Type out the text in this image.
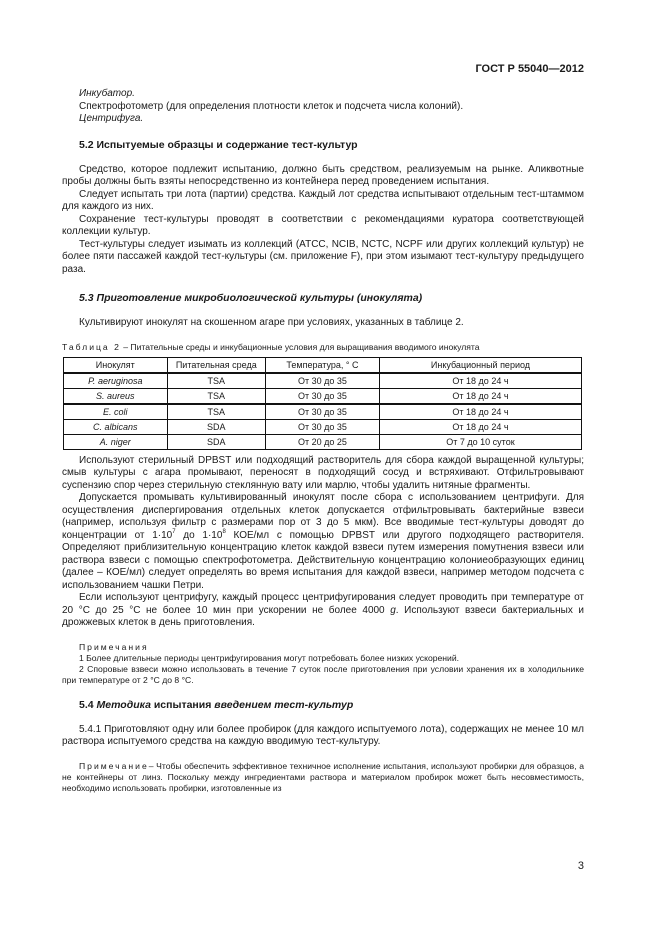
ГОСТ Р 55040—2012
Инкубатор.
Спектрофотометр (для определения плотности клеток и подсчета числа колоний).
Центрифуга.
5.2 Испытуемые образцы и содержание тест-культур

Средство, которое подлежит испытанию, должно быть средством, реализуемым на рынке. Аликвотные пробы должны быть взяты непосредственно из контейнера перед проведением испытания.

Следует испытать три лота (партии) средства. Каждый лот средства испытывают отдельным тест-штаммом для каждого из них.

Сохранение тест-культуры проводят в соответствии с рекомендациями куратора соответствующей коллекции культур.

Тест-культуры следует изымать из коллекций (ATCC, NCIB, NCTC, NCPF или других коллекций культур) не более пяти пассажей каждой тест-культуры (см. приложение F), при этом изымают тест-культуру предыдущего раза.

5.3 Приготовление микробиологической культуры (инокулята)

Культивируют инокулят на скошенном агаре при условиях, указанных в таблице 2.

Таблица 2 – Питательные среды и инкубационные условия для выращивания вводимого инокулята
Инокулят	Питательная среда	Температура, ° С	Инкубационный период
P. aeruginosa	TSA	От 30 до 35	От 18 до 24 ч
S. aureus	TSA	От 30 до 35	От 18 до 24 ч
E. coli	TSA	От 30 до 35	От 18 до 24 ч
C. albicans	SDA	От 30 до 35	От 18 до 24 ч
A. niger	SDA	От 20 до 25	От 7 до 10 суток

Используют стерильный DPBST или подходящий растворитель для сбора каждой выращенной культуры; смыв культуры с агара промывают, переносят в подходящий сосуд и встряхивают. Отфильтровывают суспензию спор через стерильную стеклянную вату или марлю, чтобы удалить нитяные фрагменты.

Допускается промывать культивированный инокулят после сбора с использованием центрифуги. Для осуществления диспергирования отдельных клеток допускается отфильтровывать бактерийные взвеси (например, используя фильтр с размерами пор от 3 до 5 мкм). Все вводимые тест-культуры доводят до концентрации от $1\cdot 10^7$ до $1\cdot 10^8$ КОЕ/мл с помощью DPBST или другого подходящего растворителя. Определяют приблизительную концентрацию клеток каждой взвеси путем измерения помутнения взвеси или раствора взвеси с помощью спектрофотометра. Действительную концентрацию колониеобразующих единиц (далее – КОЕ/мл) следует определять во время испытания для каждой взвеси, например методом подсчета с использованием чашки Петри.

Если используют центрифугу, каждый процесс центрифугирования следует проводить при температуре от 20 °С до 25 °С не более 10 мин при ускорении не более 4000 g. Используют взвеси бактериальных и дрожжевых клеток в день приготовления.

Примечания

1 Более длительные периоды центрифугирования могут потребовать более низких ускорений.

2 Споровые взвеси можно использовать в течение 7 суток после приготовления при условии хранения их в холодильнике при температуре от 2 °С до 8 °С.

5.4 Методика испытания введением тест-культур

5.4.1 Приготовляют одну или более пробирок (для каждого испытуемого лота), содержащих не менее 10 мл раствора испытуемого средства на каждую вводимую тест-культуру.

Примечание– Чтобы обеспечить эффективное техничное исполнение испытания, используют пробирки для образцов, а не контейнеры от линз. Поскольку между ингредиентами раствора и материалом пробирок может быть несовместимость, необходимо использовать пробирки, изготовленные из

3
